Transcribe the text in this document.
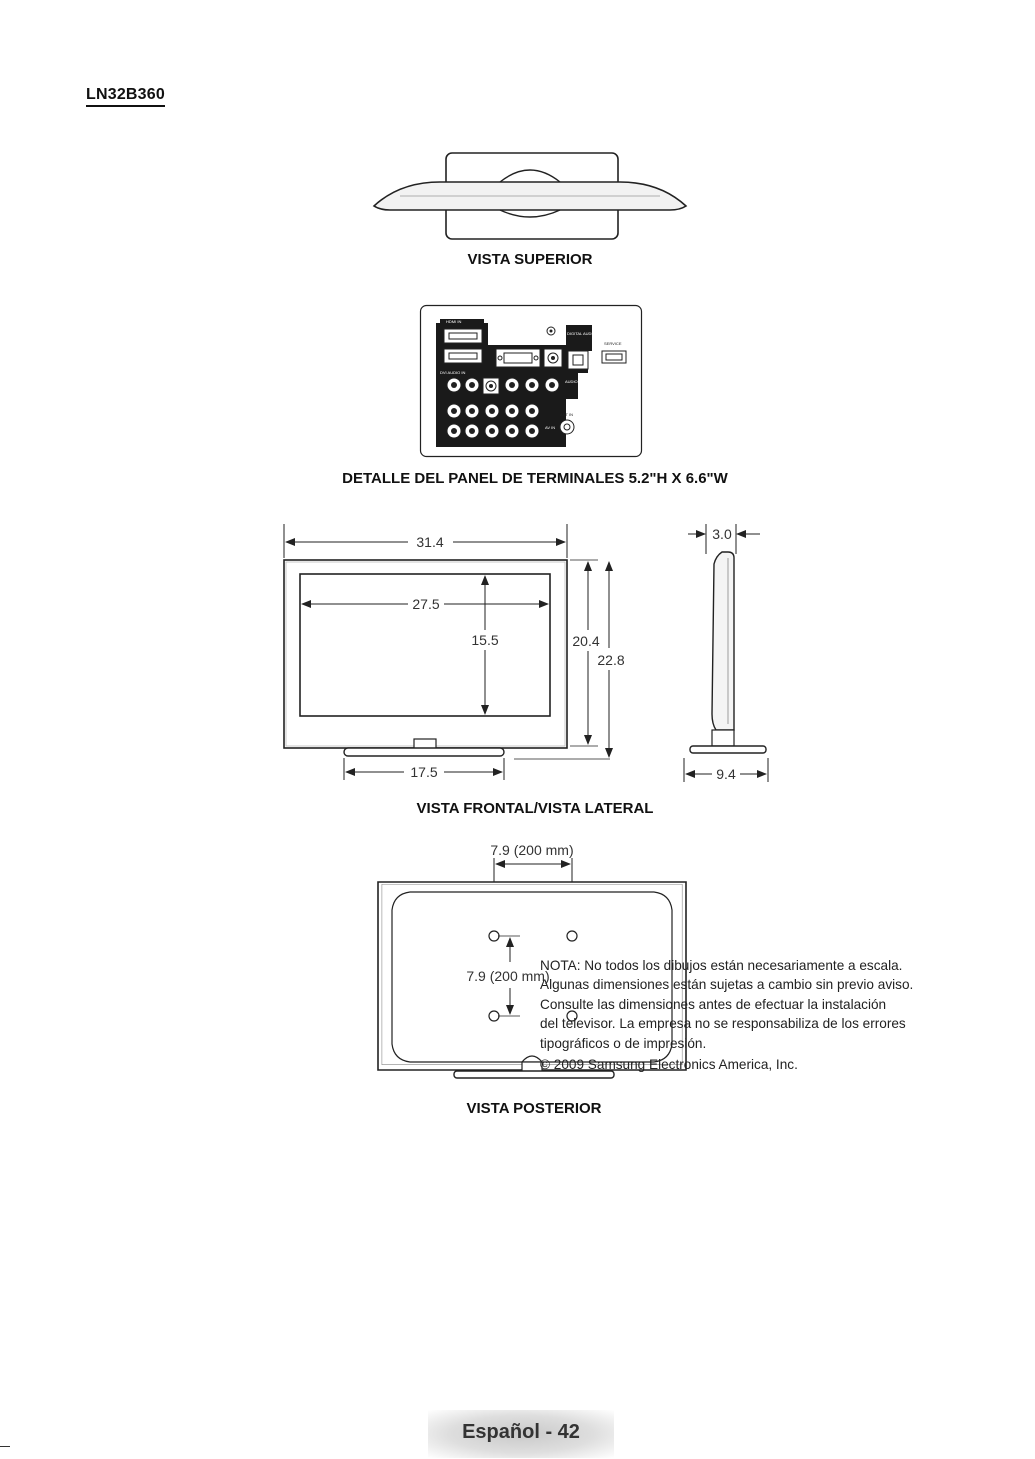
LN32B360
VISTA SUPERIOR
HDMI IN
DIGITAL AUDIO OUT (OPTICAL)
SERVICE
DVI AUDIO IN
AUDIO OUT
COMPONENT IN
AV IN
ANT IN
DETALLE DEL PANEL DE TERMINALES 5.2"H X 6.6"W
31.4
27.5
15.5	20.4
22.8
17.5
3.0
9.4
VISTA FRONTAL/VISTA LATERAL
7.9 (200 mm)
7.9 (200 mm)
VISTA POSTERIOR

NOTA: No todos los dibujos están necesariamente a escala.

Algunas dimensiones están sujetas a cambio sin previo aviso.

Consulte las dimensiones antes de efectuar la instalación

del televisor. La empresa no se responsabiliza de los errores

tipográficos o de impresión.

© 2009 Samsung Electronics America, Inc.

Español - 42
